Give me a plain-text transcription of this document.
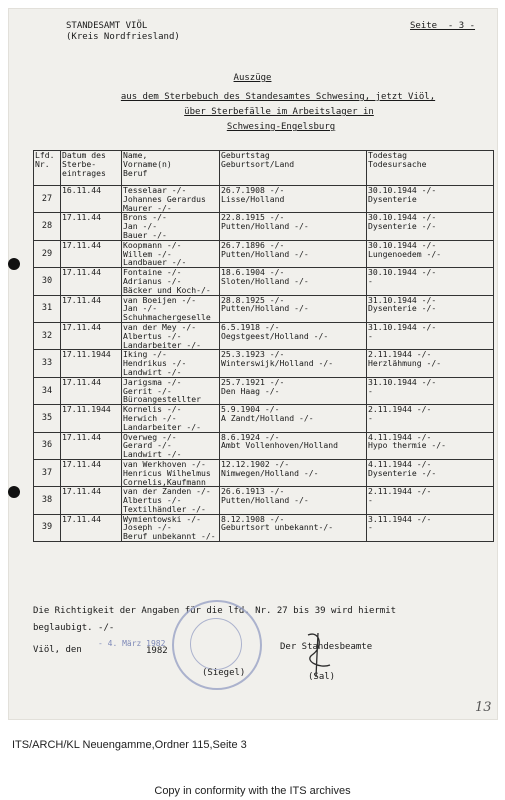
STANDESAMT VIÖL
(Kreis Nordfriesland)
Seite  - 3 -
Auszüge
aus dem Sterbebuch des Standesamtes Schwesing, jetzt Viöl,
über Sterbefälle im Arbeitslager in
Schwesing-Engelsburg
Lfd.
Nr.	Datum des
Sterbe-
eintrages	Name,
Vorname(n)
Beruf	Geburtstag
Geburtsort/Land	Todestag
Todesursache
27	16.11.44	Tesselaar -/-
Johannes Gerardus
Maurer -/-	26.7.1908 -/-
Lisse/Holland	30.10.1944 -/-
Dysenterie
28	17.11.44	Brons -/-
Jan -/-
Bauer -/-	22.8.1915 -/-
Putten/Holland -/-	30.10.1944 -/-
Dysenterie -/-
29	17.11.44	Koopmann -/-
Willem -/-
Landbauer -/-	26.7.1896 -/-
Putten/Holland -/-	30.10.1944 -/-
Lungenoedem -/-
30	17.11.44	Fontaine -/-
Adrianus -/-
Bäcker und Koch-/-	18.6.1904 -/-
Sloten/Holland -/-	30.10.1944 -/-
-
31	17.11.44	van Boeijen -/-
Jan -/-
Schuhmachergeselle	28.8.1925 -/-
Putten/Holland -/-	31.10.1944 -/-
Dysenterie -/-
32	17.11.44	van der Mey -/-
Albertus -/-
Landarbeiter -/-	6.5.1918 -/-
Oegstgeest/Holland -/-	31.10.1944 -/-
-
33	17.11.1944	Iking -/-
Hendrikus -/-
Landwirt -/-	25.3.1923 -/-
Winterswijk/Holland -/-	2.11.1944 -/-
Herzlähmung -/-
34	17.11.44	Jarigsma -/-
Gerrit -/-
Büroangestellter	25.7.1921 -/-
Den Haag -/-	31.10.1944 -/-
-
35	17.11.1944	Kornelis -/-
Herwich -/-
Landarbeiter -/-	5.9.1904 -/-
A Zandt/Holland -/-	2.11.1944 -/-
-
36	17.11.44	Overweg -/-
Gerard -/-
Landwirt -/-	8.6.1924 -/-
Ambt Vollenhoven/Holland	4.11.1944 -/-
Hypo thermie -/-
37	17.11.44	van Werkhoven -/-
Henricus Wilhelmus
Cornelis,Kaufmann	12.12.1902 -/-
Nimwegen/Holland -/-	4.11.1944 -/-
Dysenterie -/-
38	17.11.44	van der Zanden -/-
Albertus -/-
Textilhändler -/-	26.6.1913 -/-
Putten/Holland -/-	2.11.1944 -/-
-
39	17.11.44	Wymientowski -/-
Joseph -/-
Beruf unbekannt -/-	8.12.1908 -/-
Geburtsort unbekannt-/-	3.11.1944 -/-
-
Die Richtigkeit der Angaben für die lfd. Nr. 27 bis 39 wird hiermit
beglaubigt. -/-
Viöl, den
- 4. März 1982
1982	Der Standesbeamte
(Siegel)	(Sal)
13
ITS/ARCH/KL Neuengamme,Ordner 115,Seite 3
Copy in conformity with the ITS archives
